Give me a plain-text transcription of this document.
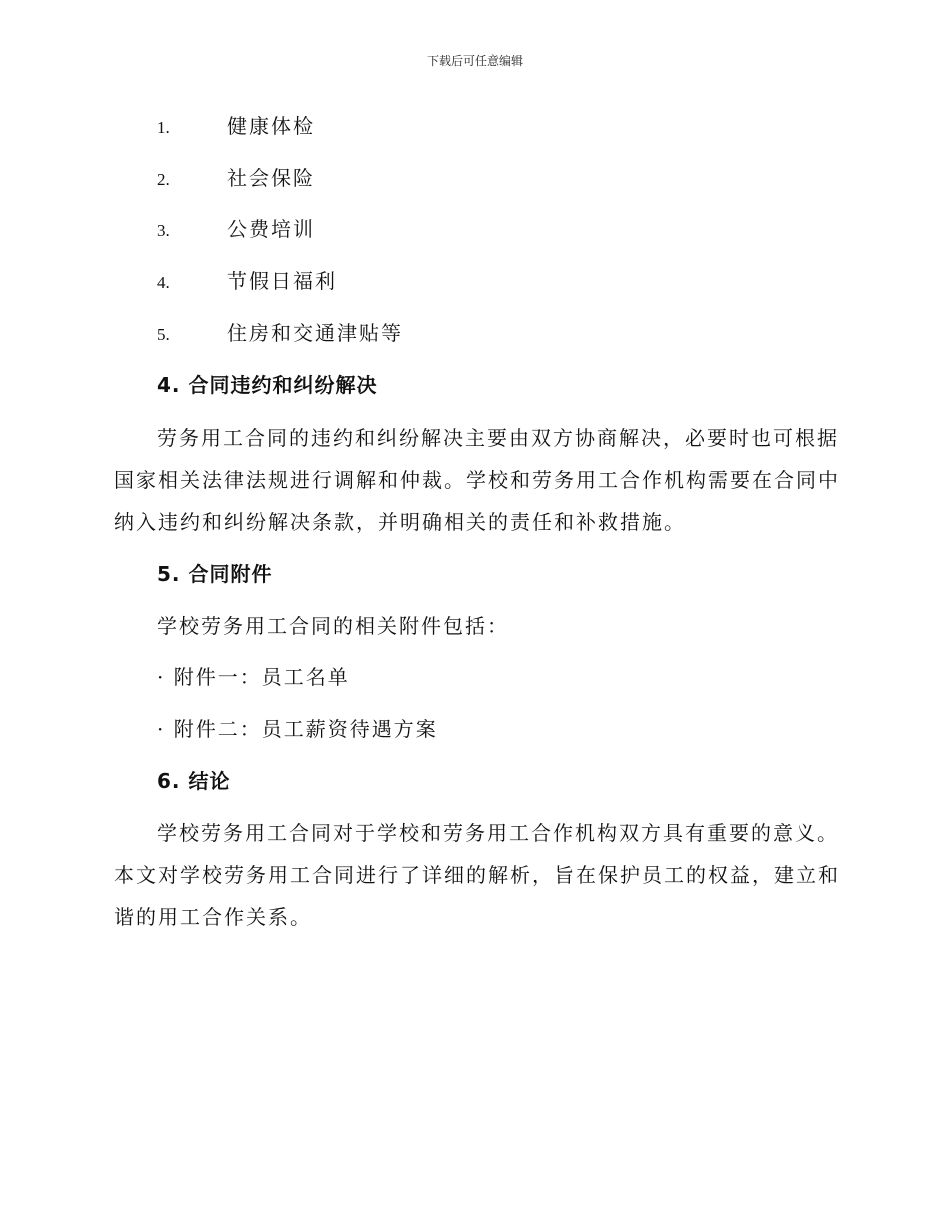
下载后可任意编辑
1.	健康体检
2.	社会保险
3.	公费培训
4.	节假日福利
5.	住房和交通津贴等
4. 合同违约和纠纷解决
劳务用工合同的违约和纠纷解决主要由双方协商解决，必要时也可根据
国家相关法律法规进行调解和仲裁。学校和劳务用工合作机构需要在合同中
纳入违约和纠纷解决条款，并明确相关的责任和补救措施。
5. 合同附件
学校劳务用工合同的相关附件包括：
· 附件一：员工名单
· 附件二：员工薪资待遇方案
6. 结论
学校劳务用工合同对于学校和劳务用工合作机构双方具有重要的意义。
本文对学校劳务用工合同进行了详细的解析，旨在保护员工的权益，建立和
谐的用工合作关系。
